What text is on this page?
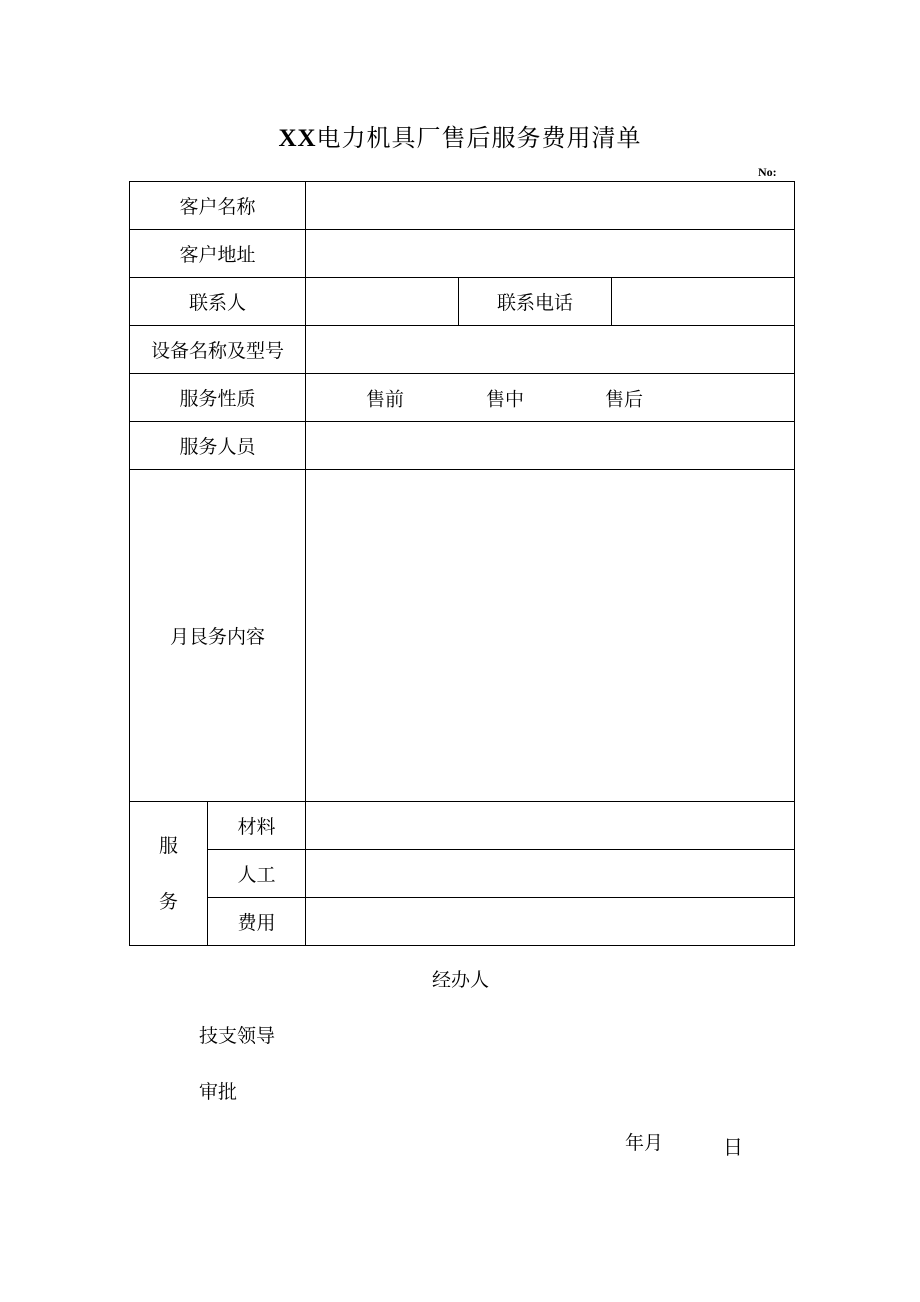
XX电力机具厂售后服务费用清单
No:
客户名称				
客户地址				
联系人			联系电话	
设备名称及型号				
服务性质		售前 售中 售后		

服务人员				
月艮务内容				

服
务	材料			
	人工			
	费用			
经办人
技支领导
审批
年月	日
